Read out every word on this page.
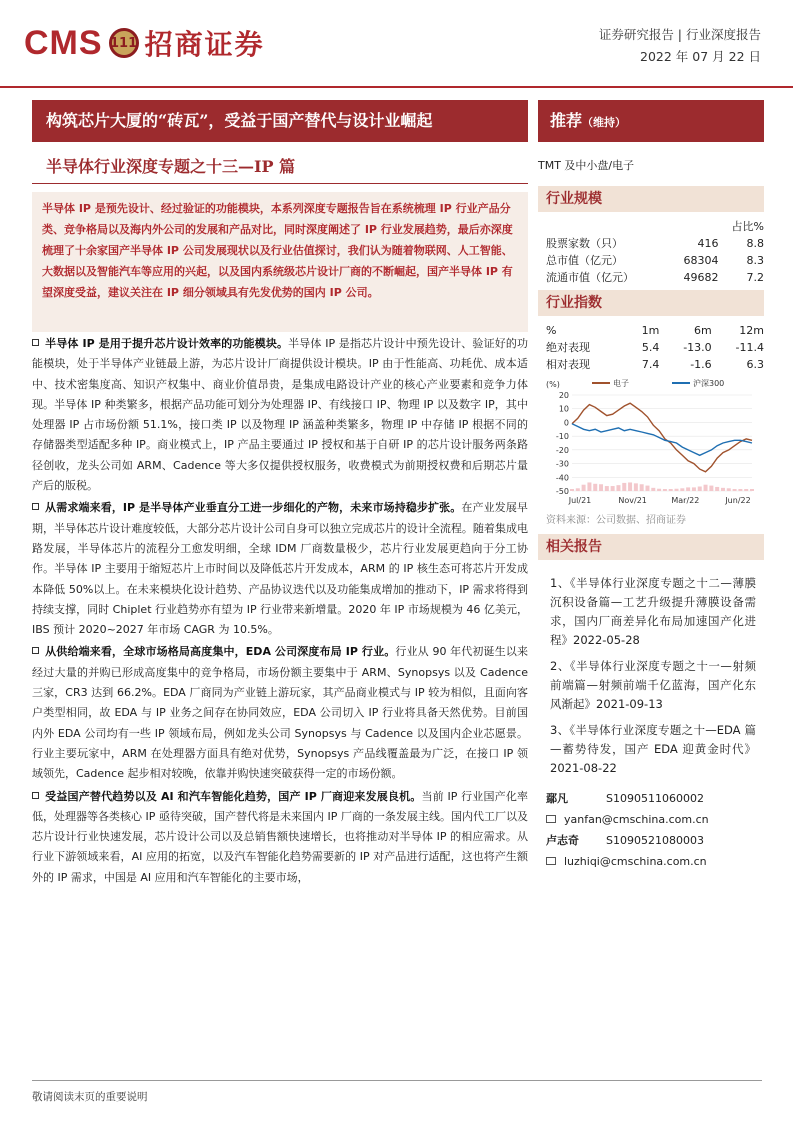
CMS 111 招商证券	证券研究报告 | 行业深度报告
2022 年 07 月 22 日
构筑芯片大厦的“砖瓦”，受益于国产替代与设计业崛起	推荐（维持）
半导体行业深度专题之十三—IP 篇
半导体 IP 是预先设计、经过验证的功能模块，本系列深度专题报告旨在系统梳理 IP 行业产品分类、竞争格局以及海内外公司的发展和产品对比，同时深度阐述了 IP 行业发展趋势，最后亦深度梳理了十余家国产半导体 IP 公司发展现状以及行业估值探讨，我们认为随着物联网、人工智能、大数据以及智能汽车等应用的兴起，以及国内系统级芯片设计厂商的不断崛起，国产半导体 IP 有望深度受益，建议关注在 IP 细分领域具有先发优势的国内 IP 公司。
半导体 IP 是用于提升芯片设计效率的功能模块。半导体 IP 是指芯片设计中预先设计、验证好的功能模块，处于半导体产业链最上游，为芯片设计厂商提供设计模块。IP 由于性能高、功耗优、成本适中、技术密集度高、知识产权集中、商业价值昂贵，是集成电路设计产业的核心产业要素和竞争力体现。半导体 IP 种类繁多，根据产品功能可划分为处理器 IP、有线接口 IP、物理 IP 以及数字 IP，其中处理器 IP 占市场份额 51.1%，接口类 IP 以及物理 IP 涵盖种类繁多，物理 IP 中存储 IP 根据不同的存储器类型适配多种 IP。商业模式上，IP 产品主要通过 IP 授权和基于自研 IP 的芯片设计服务两条路径创收，龙头公司如 ARM、Cadence 等大多仅提供授权服务，收费模式为前期授权费和后期芯片量产后的版税。
从需求端来看，IP 是半导体产业垂直分工进一步细化的产物，未来市场持稳步扩张。在产业发展早期，半导体芯片设计难度较低，大部分芯片设计公司自身可以独立完成芯片的设计全流程。随着集成电路发展，半导体芯片的流程分工愈发明细，全球 IDM 厂商数量极少，芯片行业发展更趋向于分工协作。半导体 IP 主要用于缩短芯片上市时间以及降低芯片开发成本，ARM 的 IP 核生态可将芯片开发成本降低 50%以上。在未来模块化设计趋势、产品协议迭代以及功能集成增加的推动下，IP 需求将得到持续支撑，同时 Chiplet 行业趋势亦有望为 IP 行业带来新增量。2020 年 IP 市场规模为 46 亿美元，IBS 预计 2020~2027 年市场 CAGR 为 10.5%。
从供给端来看，全球市场格局高度集中，EDA 公司深度布局 IP 行业。行业从 90 年代初诞生以来经过大量的并购已形成高度集中的竞争格局，市场份额主要集中于 ARM、Synopsys 以及 Cadence 三家，CR3 达到 66.2%。EDA 厂商同为产业链上游玩家，其产品商业模式与 IP 较为相似，且面向客户类型相同，故 EDA 与 IP 业务之间存在协同效应，EDA 公司切入 IP 行业将具备天然优势。目前国内外 EDA 公司均有一些 IP 领域布局，例如龙头公司 Synopsys 与 Cadence 以及国内企业芯愿景。行业主要玩家中，ARM 在处理器方面具有绝对优势，Synopsys 产品线覆盖最为广泛，在接口 IP 领域领先，Cadence 起步相对较晚，依靠并购快速突破获得一定的市场份额。
受益国产替代趋势以及 AI 和汽车智能化趋势，国产 IP 厂商迎来发展良机。当前 IP 行业国产化率低，处理器等各类核心 IP 亟待突破，国产替代将是未来国内 IP 厂商的一条发展主线。国内代工厂以及芯片设计行业快速发展，芯片设计公司以及总销售额快速增长，也将推动对半导体 IP 的相应需求。从行业下游领域来看，AI 应用的拓宽，以及汽车智能化趋势需要新的 IP 对产品进行适配，这也将产生额外的 IP 需求，中国是 AI 应用和汽车智能化的主要市场，
TMT 及中小盘/电子
行业规模
		占比%
股票家数（只）	416	8.8
总市值（亿元）	68304	8.3
流通市值（亿元）	49682	7.2
行业指数
%	1m	6m	12m
绝对表现	5.4	-13.0	-11.4
相对表现	7.4	-1.6	6.3
20
10
0
-10
-20
-30
-40
-50
(%)
Jul/21	Nov/21	Mar/22	Jun/22
电子	沪深300
资料来源：公司数据、招商证券
相关报告
1、《半导体行业深度专题之十二—薄膜沉积设备篇—工艺升级提升薄膜设备需求，国内厂商差异化布局加速国产化进程》2022-05-28
2、《半导体行业深度专题之十一—射频前端篇—射频前端千亿蓝海，国产化东风渐起》2021-09-13
3、《半导体行业深度专题之十—EDA 篇—蓄势待发，国产 EDA 迎黄金时代》2021-08-22
鄢凡	S1090511060002
yanfan@cmschina.com.cn
卢志奇	S1090521080003
luzhiqi@cmschina.com.cn
敬请阅读末页的重要说明
